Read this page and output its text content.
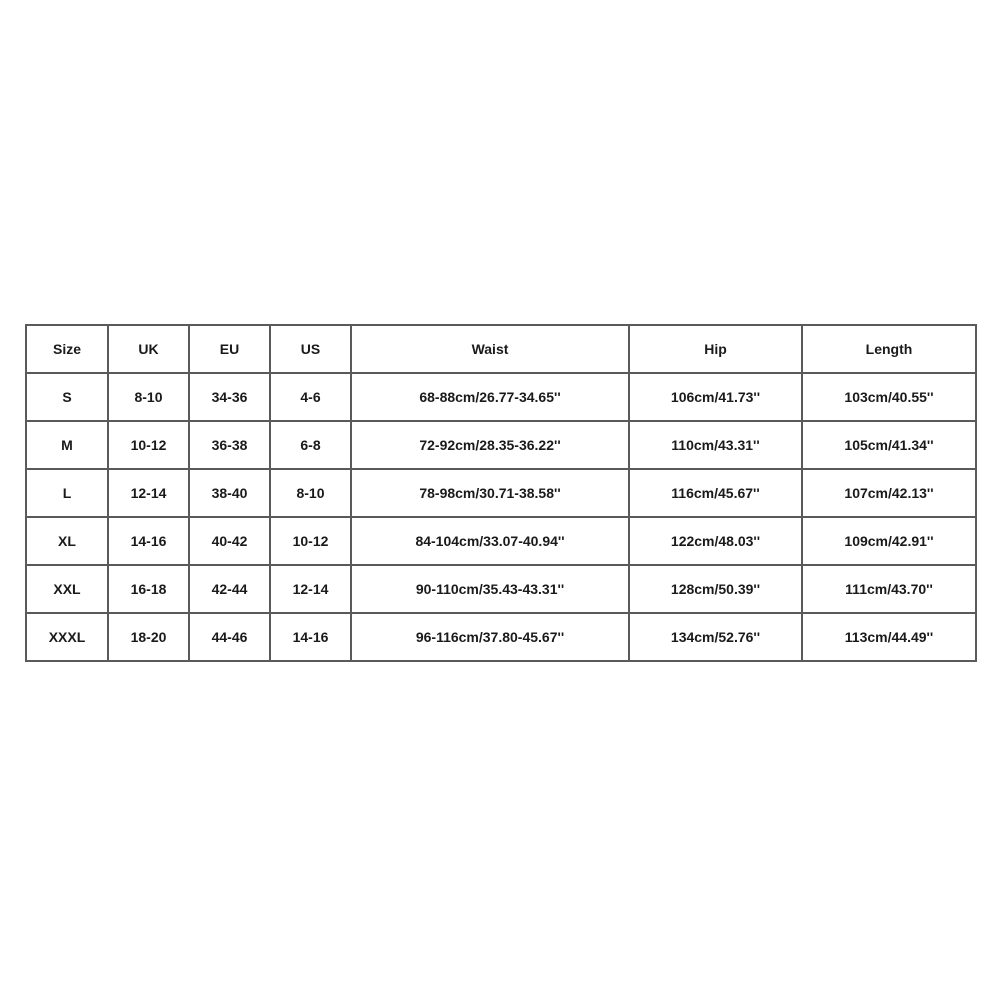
Size	UK	EU	US	Waist	Hip	Length
S	8-10	34-36	4-6	68-88cm/26.77-34.65''	106cm/41.73''	103cm/40.55''
M	10-12	36-38	6-8	72-92cm/28.35-36.22''	110cm/43.31''	105cm/41.34''
L	12-14	38-40	8-10	78-98cm/30.71-38.58''	116cm/45.67''	107cm/42.13''
XL	14-16	40-42	10-12	84-104cm/33.07-40.94''	122cm/48.03''	109cm/42.91''
XXL	16-18	42-44	12-14	90-110cm/35.43-43.31''	128cm/50.39''	111cm/43.70''
XXXL	18-20	44-46	14-16	96-116cm/37.80-45.67''	134cm/52.76''	113cm/44.49''
